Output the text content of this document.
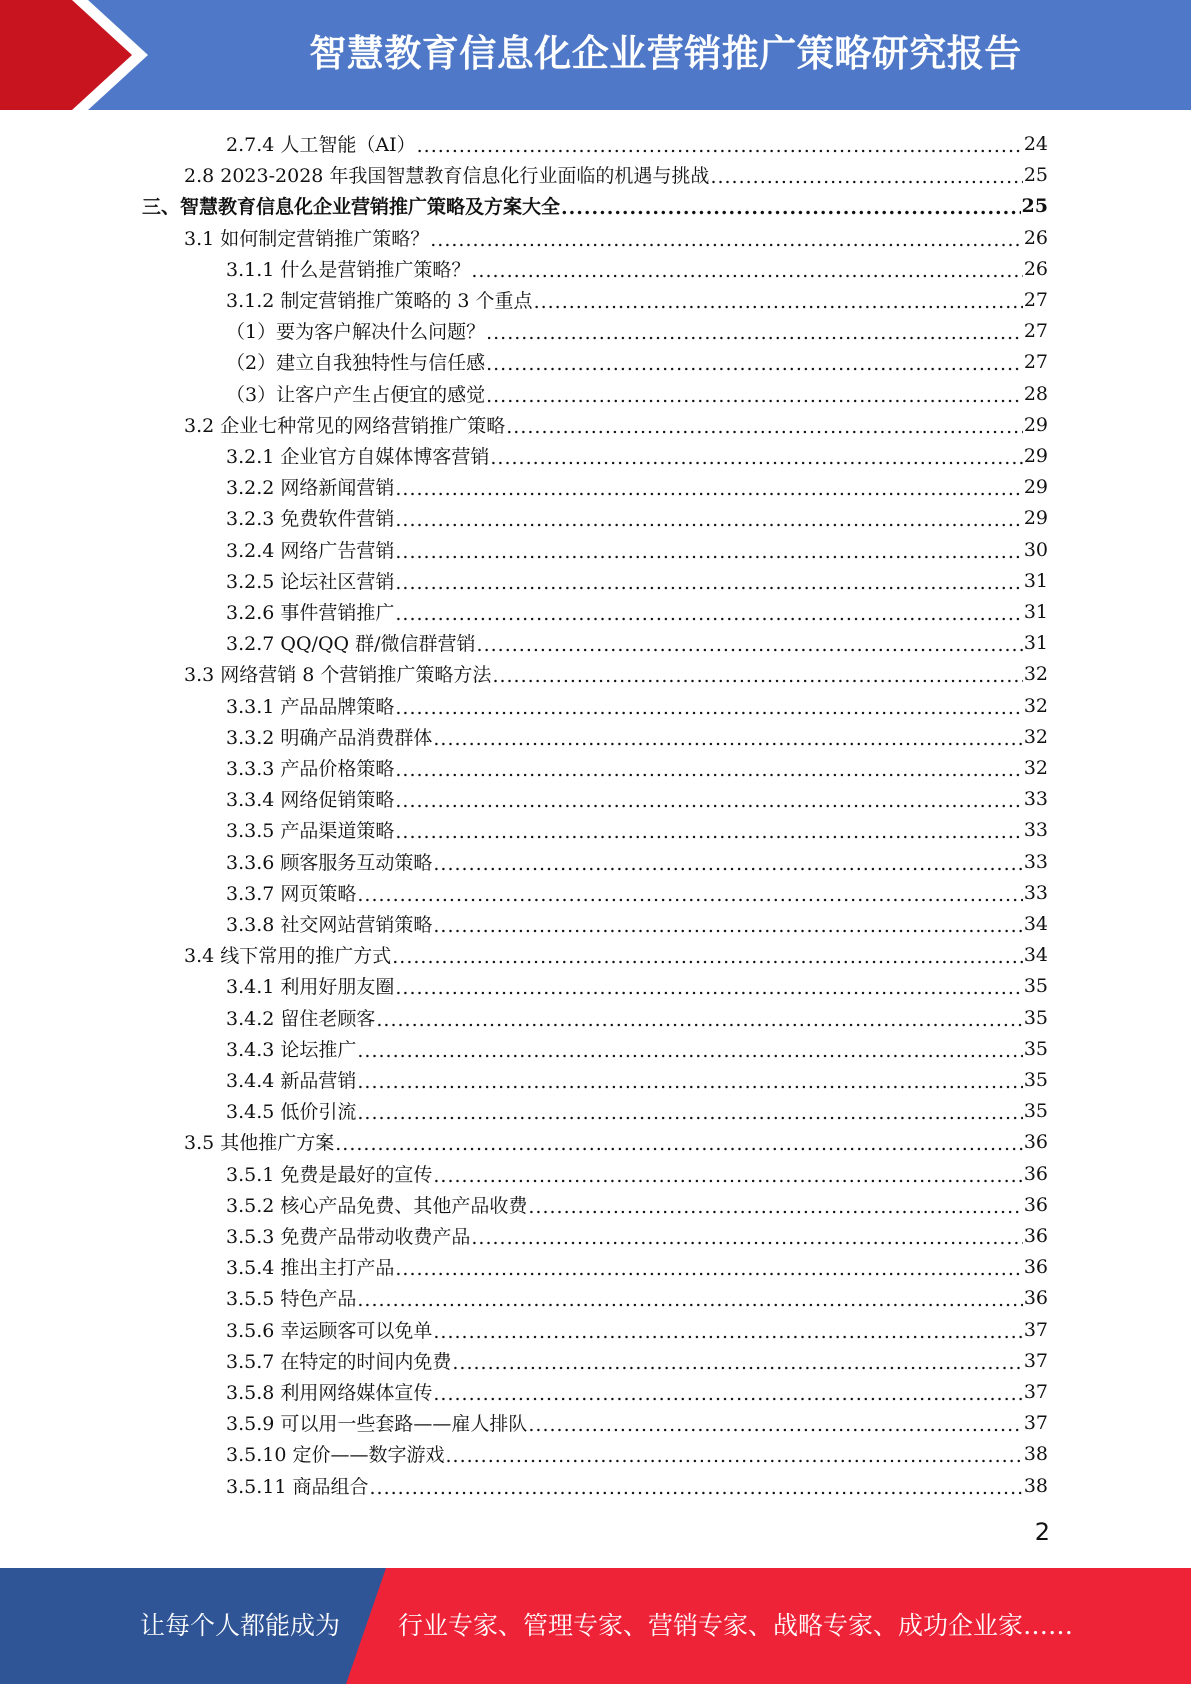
智慧教育信息化企业营销推广策略研究报告
2.7.4 人工智能（AI） .....	24
2.8 2023-2028 年我国智慧教育信息化行业面临的机遇与挑战 .....	25
三、智慧教育信息化企业营销推广策略及方案大全 .....	25
3.1 如何制定营销推广策略？ .....	26
3.1.1 什么是营销推广策略？ .....	26
3.1.2 制定营销推广策略的 3 个重点 .....	27
（1）要为客户解决什么问题？ .....	27
（2）建立自我独特性与信任感 .....	27
（3）让客户产生占便宜的感觉 .....	28
3.2 企业七种常见的网络营销推广策略 .....	29
3.2.1 企业官方自媒体博客营销 .....	29
3.2.2 网络新闻营销 .....	29
3.2.3 免费软件营销 .....	29
3.2.4 网络广告营销 .....	30
3.2.5 论坛社区营销 .....	31
3.2.6 事件营销推广 .....	31
3.2.7 QQ/QQ 群/微信群营销 .....	31
3.3 网络营销 8 个营销推广策略方法 .....	32
3.3.1 产品品牌策略 .....	32
3.3.2 明确产品消费群体 .....	32
3.3.3 产品价格策略 .....	32
3.3.4 网络促销策略 .....	33
3.3.5 产品渠道策略 .....	33
3.3.6 顾客服务互动策略 .....	33
3.3.7 网页策略 .....	33
3.3.8 社交网站营销策略 .....	34
3.4 线下常用的推广方式 .....	34
3.4.1 利用好朋友圈 .....	35
3.4.2 留住老顾客 .....	35
3.4.3 论坛推广 .....	35
3.4.4 新品营销 .....	35
3.4.5 低价引流 .....	35
3.5 其他推广方案 .....	36
3.5.1 免费是最好的宣传 .....	36
3.5.2 核心产品免费、其他产品收费 .....	36
3.5.3 免费产品带动收费产品 .....	36
3.5.4 推出主打产品 .....	36
3.5.5 特色产品 .....	36
3.5.6 幸运顾客可以免单 .....	37
3.5.7 在特定的时间内免费 .....	37
3.5.8 利用网络媒体宣传 .....	37
3.5.9 可以用一些套路——雇人排队 .....	37
3.5.10 定价——数字游戏 .....	38
3.5.11 商品组合 .....	38
2
让每个人都能成为 行业专家、管理专家、营销专家、战略专家、成功企业家……
